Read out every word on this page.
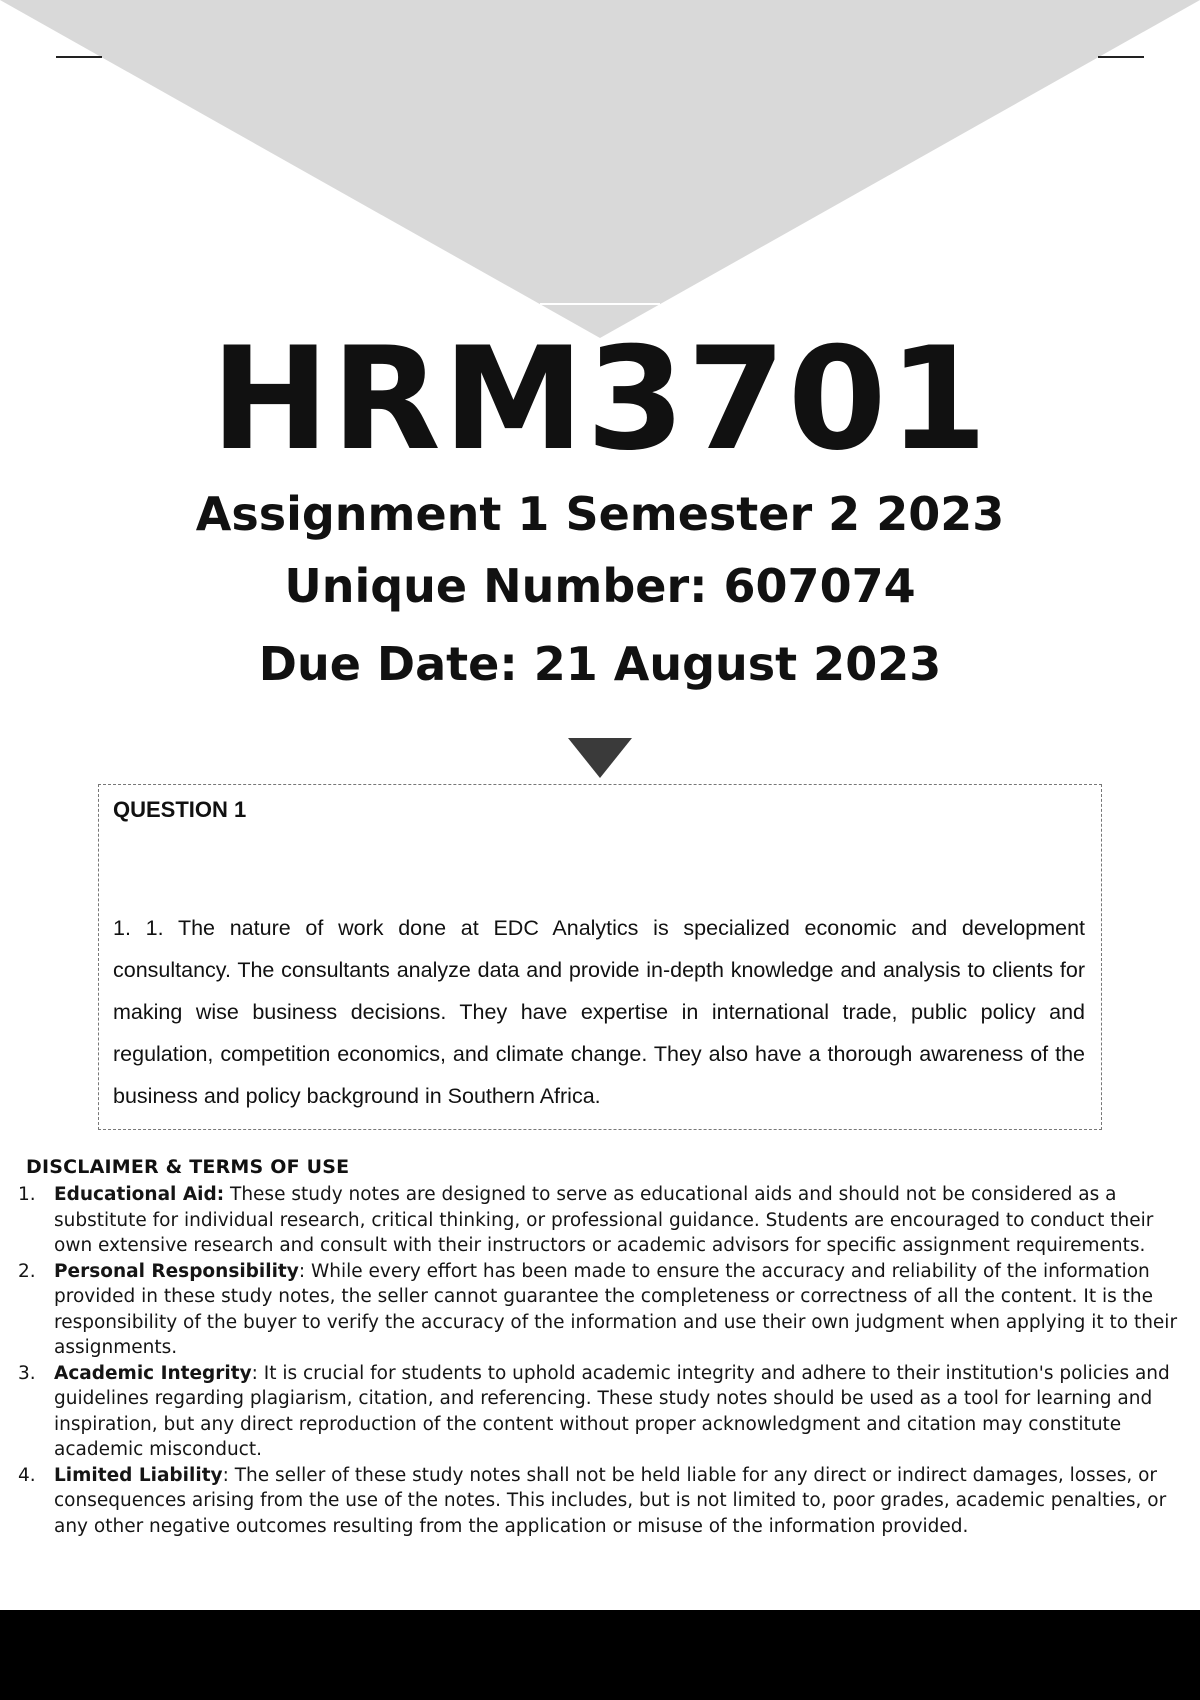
HRM3701
Assignment 1 Semester 2 2023
Unique Number: 607074
Due Date: 21 August 2023
QUESTION 1

1. 1. The nature of work done at EDC Analytics is specialized economic and development consultancy. The consultants analyze data and provide in-depth knowledge and analysis to clients for making wise business decisions. They have expertise in international trade, public policy and regulation, competition economics, and climate change. They also have a thorough awareness of the business and policy background in Southern Africa.

DISCLAIMER & TERMS OF USE
1. Educational Aid: These study notes are designed to serve as educational aids and should not be considered as a substitute for individual research, critical thinking, or professional guidance. Students are encouraged to conduct their own extensive research and consult with their instructors or academic advisors for specific assignment requirements.
2. Personal Responsibility: While every effort has been made to ensure the accuracy and reliability of the information provided in these study notes, the seller cannot guarantee the completeness or correctness of all the content. It is the responsibility of the buyer to verify the accuracy of the information and use their own judgment when applying it to their assignments.
3. Academic Integrity: It is crucial for students to uphold academic integrity and adhere to their institution's policies and guidelines regarding plagiarism, citation, and referencing. These study notes should be used as a tool for learning and inspiration, but any direct reproduction of the content without proper acknowledgment and citation may constitute academic misconduct.
4. Limited Liability: The seller of these study notes shall not be held liable for any direct or indirect damages, losses, or consequences arising from the use of the notes. This includes, but is not limited to, poor grades, academic penalties, or any other negative outcomes resulting from the application or misuse of the information provided.
